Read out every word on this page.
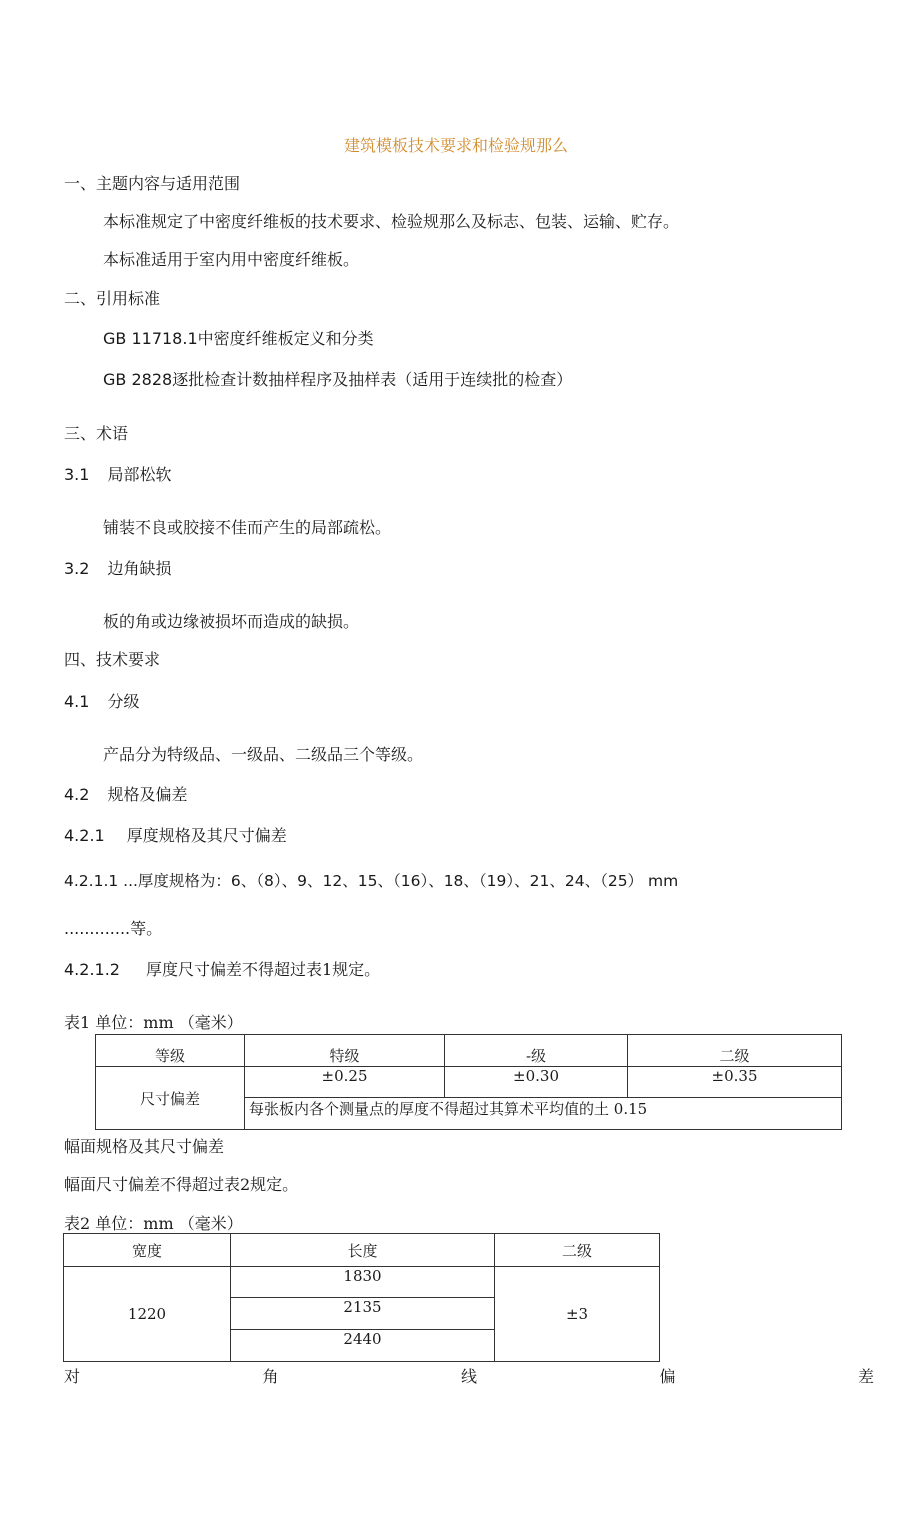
建筑模板技术要求和检验规那么
一、主题内容与适用范围
本标准规定了中密度纤维板的技术要求、检验规那么及标志、包装、运输、贮存。
本标准适用于室内用中密度纤维板。
二、引用标准
GB 11718.1中密度纤维板定义和分类
GB 2828逐批检查计数抽样程序及抽样表（适用于连续批的检查）
三、术语
3.1 局部松软
铺装不良或胶接不佳而产生的局部疏松。
3.2 边角缺损
板的角或边缘被损坏而造成的缺损。
四、技术要求
4.1 分级
产品分为特级品、一级品、二级品三个等级。
4.2 规格及偏差
4.2.1 厚度规格及其尺寸偏差
4.2.1.1 ...厚度规格为：6、（8）、9、12、15、（16）、18、（19）、21、24、（25） mm
.............等。
4.2.1.2 厚度尺寸偏差不得超过表1规定。
表1 单位：mm （毫米）
等级	特级	-级	二级
尺寸偏差	±0.25	±0.30	±0.35
	每张板内各个测量点的厚度不得超过其算术平均值的土 0.15		
幅面规格及其尺寸偏差
幅面尺寸偏差不得超过表2规定。
表2 单位：mm （毫米）
宽度	长度	二级
1220	1830	±3
	2135	
	2440	
对	角	线	偏	差
